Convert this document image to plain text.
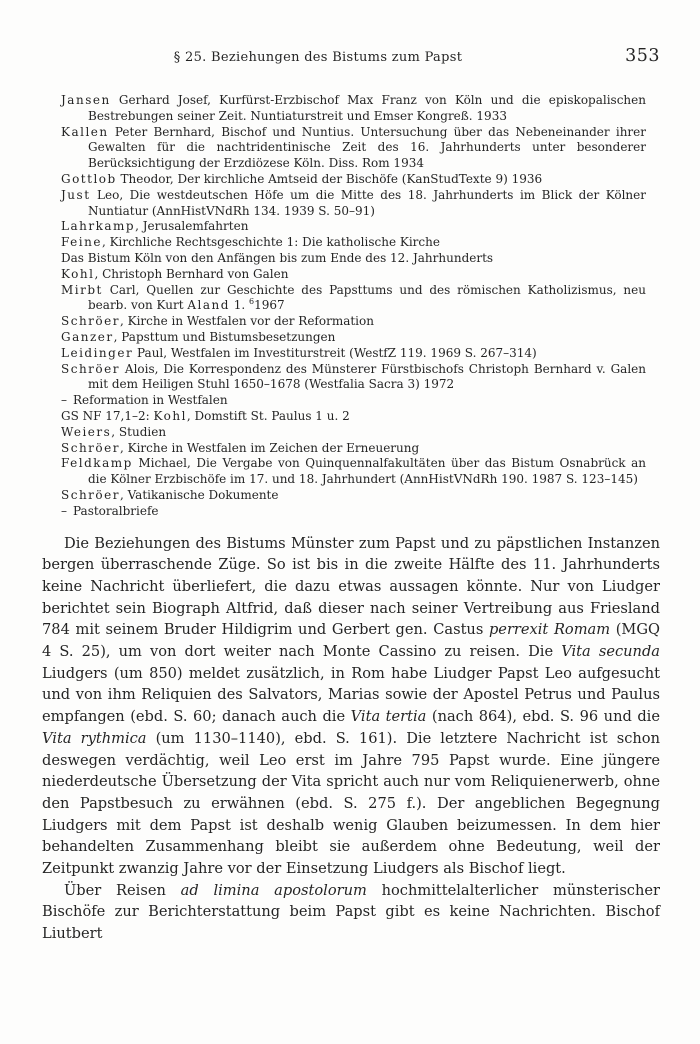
§ 25. Beziehungen des Bistums zum Papst	353
Jansen Gerhard Josef, Kurfürst-Erzbischof Max Franz von Köln und die episkopalischen Bestrebungen seiner Zeit. Nuntiaturstreit und Emser Kongreß. 1933
Kallen Peter Bernhard, Bischof und Nuntius. Untersuchung über das Nebeneinander ihrer Gewalten für die nachtridentinische Zeit des 16. Jahrhunderts unter besonderer Berücksichtigung der Erzdiözese Köln. Diss. Rom 1934
Gottlob Theodor, Der kirchliche Amtseid der Bischöfe (KanStudTexte 9) 1936
Just Leo, Die westdeutschen Höfe um die Mitte des 18. Jahrhunderts im Blick der Kölner Nuntiatur (AnnHistVNdRh 134. 1939 S. 50–91)
Lahrkamp, Jerusalemfahrten
Feine, Kirchliche Rechtsgeschichte 1: Die katholische Kirche
Das Bistum Köln von den Anfängen bis zum Ende des 12. Jahrhunderts
Kohl, Christoph Bernhard von Galen
Mirbt Carl, Quellen zur Geschichte des Papsttums und des römischen Katholizismus, neu bearb. von Kurt Aland 1. $^6$1967
Schröer, Kirche in Westfalen vor der Reformation
Ganzer, Papsttum und Bistumsbesetzungen
Leidinger Paul, Westfalen im Investiturstreit (WestfZ 119. 1969 S. 267–314)
Schröer Alois, Die Korrespondenz des Münsterer Fürstbischofs Christoph Bernhard v. Galen mit dem Heiligen Stuhl 1650–1678 (Westfalia Sacra 3) 1972
– Reformation in Westfalen
GS NF 17,1–2: Kohl, Domstift St. Paulus 1 u. 2
Weiers, Studien
Schröer, Kirche in Westfalen im Zeichen der Erneuerung
Feldkamp Michael, Die Vergabe von Quinquennalfakultäten über das Bistum Osnabrück an die Kölner Erzbischöfe im 17. und 18. Jahrhundert (AnnHistVNdRh 190. 1987 S. 123–145)
Schröer, Vatikanische Dokumente
– Pastoralbriefe

Die Beziehungen des Bistums Münster zum Papst und zu päpstlichen Instanzen bergen überraschende Züge. So ist bis in die zweite Hälfte des 11. Jahrhunderts keine Nachricht überliefert, die dazu etwas aussagen könnte. Nur von Liudger berichtet sein Biograph Altfrid, daß dieser nach seiner Vertreibung aus Friesland 784 mit seinem Bruder Hildigrim und Gerbert gen. Castus perrexit Romam (MGQ 4 S. 25), um von dort weiter nach Monte Cassino zu reisen. Die Vita secunda Liudgers (um 850) meldet zusätzlich, in Rom habe Liudger Papst Leo aufgesucht und von ihm Reliquien des Salvators, Marias sowie der Apostel Petrus und Paulus empfangen (ebd. S. 60; danach auch die Vita tertia (nach 864), ebd. S. 96 und die Vita rythmica (um 1130–1140), ebd. S. 161). Die letztere Nachricht ist schon deswegen verdächtig, weil Leo erst im Jahre 795 Papst wurde. Eine jüngere niederdeutsche Übersetzung der Vita spricht auch nur vom Reliquienerwerb, ohne den Papstbesuch zu erwähnen (ebd. S. 275 f.). Der angeblichen Begegnung Liudgers mit dem Papst ist deshalb wenig Glauben beizumessen. In dem hier behandelten Zusammenhang bleibt sie außerdem ohne Bedeutung, weil der Zeitpunkt zwanzig Jahre vor der Einsetzung Liudgers als Bischof liegt.

Über Reisen ad limina apostolorum hochmittelalterlicher münsterischer Bischöfe zur Berichterstattung beim Papst gibt es keine Nachrichten. Bischof Liutbert
